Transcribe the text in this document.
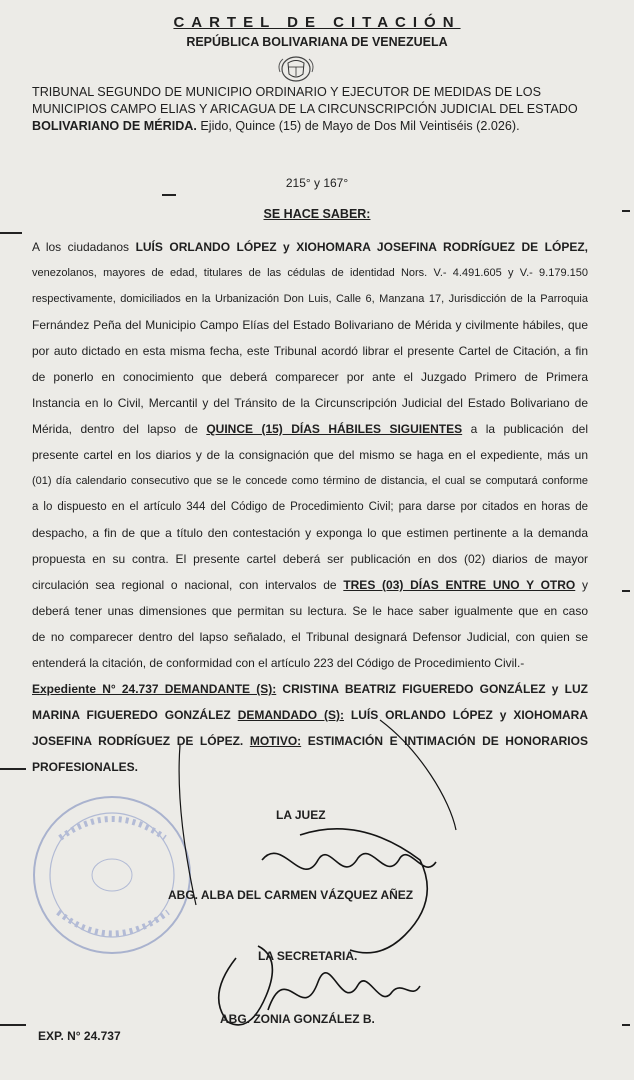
CARTEL DE CITACIÓN
REPÚBLICA BOLIVARIANA DE VENEZUELA
TRIBUNAL SEGUNDO DE MUNICIPIO ORDINARIO Y EJECUTOR DE MEDIDAS DE LOS
MUNICIPIOS CAMPO ELIAS Y ARICAGUA DE LA CIRCUNSCRIPCIÓN JUDICIAL DEL ESTADO
BOLIVARIANO DE MÉRIDA. Ejido, Quince (15) de Mayo de Dos Mil Veintiséis (2.026).
215° y 167°
SE HACE SABER:
A los ciudadanos LUÍS ORLANDO LÓPEZ y XIOHOMARA JOSEFINA RODRÍGUEZ DE LÓPEZ,
venezolanos, mayores de edad, titulares de las cédulas de identidad Nors. V.- 4.491.605 y V.- 9.179.150
respectivamente, domiciliados en la Urbanización Don Luis, Calle 6, Manzana 17, Jurisdicción de la Parroquia
Fernández Peña del Municipio Campo Elías del Estado Bolivariano de Mérida y civilmente hábiles, que
por auto dictado en esta misma fecha, este Tribunal acordó librar el presente Cartel de Citación, a fin
de ponerlo en conocimiento que deberá comparecer por ante el Juzgado Primero de Primera
Instancia en lo Civil, Mercantil y del Tránsito de la Circunscripción Judicial del Estado Bolivariano de
Mérida, dentro del lapso de QUINCE (15) DÍAS HÁBILES SIGUIENTES a la publicación del
presente cartel en los diarios y de la consignación que del mismo se haga en el expediente, más un
(01) día calendario consecutivo que se le concede como término de distancia, el cual se computará conforme
a lo dispuesto en el artículo 344 del Código de Procedimiento Civil; para darse por citados en horas de
despacho, a fin de que a título den contestación y exponga lo que estimen pertinente a la demanda
propuesta en su contra. El presente cartel deberá ser publicación en dos (02) diarios de mayor
circulación sea regional o nacional, con intervalos de TRES (03) DÍAS ENTRE UNO Y OTRO y
deberá tener unas dimensiones que permitan su lectura. Se le hace saber igualmente que en caso
de no comparecer dentro del lapso señalado, el Tribunal designará Defensor Judicial, con quien se
entenderá la citación, de conformidad con el artículo 223 del Código de Procedimiento Civil.-
Expediente N° 24.737 DEMANDANTE (S): CRISTINA BEATRIZ FIGUEREDO GONZÁLEZ y LUZ
MARINA FIGUEREDO GONZÁLEZ DEMANDADO (S): LUÍS ORLANDO LÓPEZ y XIOHOMARA
JOSEFINA RODRÍGUEZ DE LÓPEZ. MOTIVO: ESTIMACIÓN E INTIMACIÓN DE HONORARIOS
PROFESIONALES.
LA JUEZ
ABG. ALBA DEL CARMEN VÁZQUEZ AÑEZ
LA SECRETARIA.
ABG. ZONIA GONZÁLEZ B.
EXP. N° 24.737
